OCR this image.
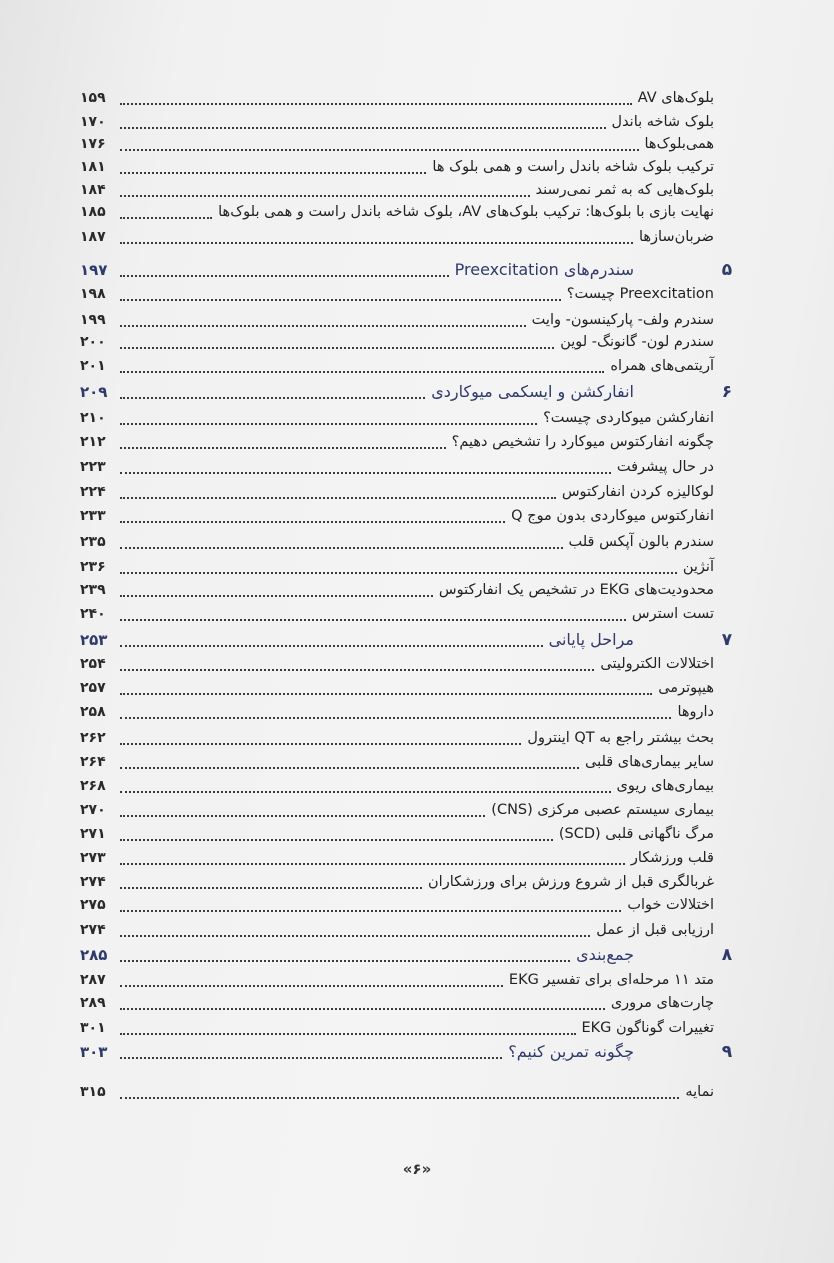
بلوک‌های AV
۱۵۹
بلوک شاخه باندل
۱۷۰
همی‌بلوک‌ها
۱۷۶
ترکیب بلوک شاخه باندل راست و همی بلوک ها
۱۸۱
بلوک‌هایی که به ثمر نمی‌رسند
۱۸۴
نهایت بازی با بلوک‌ها: ترکیب بلوک‌های AV، بلوک شاخه باندل راست و همی بلوک‌ها
۱۸۵
ضربان‌سازها
۱۸۷
۵
سندرم‌های Preexcitation
۱۹۷
Preexcitation چیست؟
۱۹۸
سندرم ولف- پارکینسون- وایت
۱۹۹
سندرم لون- گانونگ- لوین
۲۰۰
آریتمی‌های همراه
۲۰۱
۶
انفارکشن و ایسکمی میوکاردی
۲۰۹
انفارکشن میوکاردی چیست؟
۲۱۰
چگونه انفارکتوس میوکارد را تشخیص دهیم؟
۲۱۲
در حال پیشرفت
۲۲۳
لوکالیزه کردن انفارکتوس
۲۲۴
انفارکتوس میوکاردی بدون موج Q
۲۳۳
سندرم بالون آپکس قلب
۲۳۵
آنژین
۲۳۶
محدودیت‌های EKG در تشخیص یک انفارکتوس
۲۳۹
تست استرس
۲۴۰
۷
مراحل پایانی
۲۵۳
اختلالات الکترولیتی
۲۵۴
هیپوترمی
۲۵۷
داروها
۲۵۸
بحث بیشتر راجع به QT اینترول
۲۶۲
سایر بیماری‌های قلبی
۲۶۴
بیماری‌های ریوی
۲۶۸
بیماری سیستم عصبی مرکزی (CNS)
۲۷۰
مرگ ناگهانی قلبی (SCD)
۲۷۱
قلب ورزشکار
۲۷۳
غربالگری قبل از شروع ورزش برای ورزشکاران
۲۷۴
اختلالات خواب
۲۷۵
ارزیابی قبل از عمل
۲۷۴
۸
جمع‌بندی
۲۸۵
متد ۱۱ مرحله‌ای برای تفسیر EKG
۲۸۷
چارت‌های مروری
۲۸۹
تغییرات گوناگون EKG
۳۰۱
۹
چگونه تمرین کنیم؟
۳۰۳
نمایه
۳۱۵
«۶»
